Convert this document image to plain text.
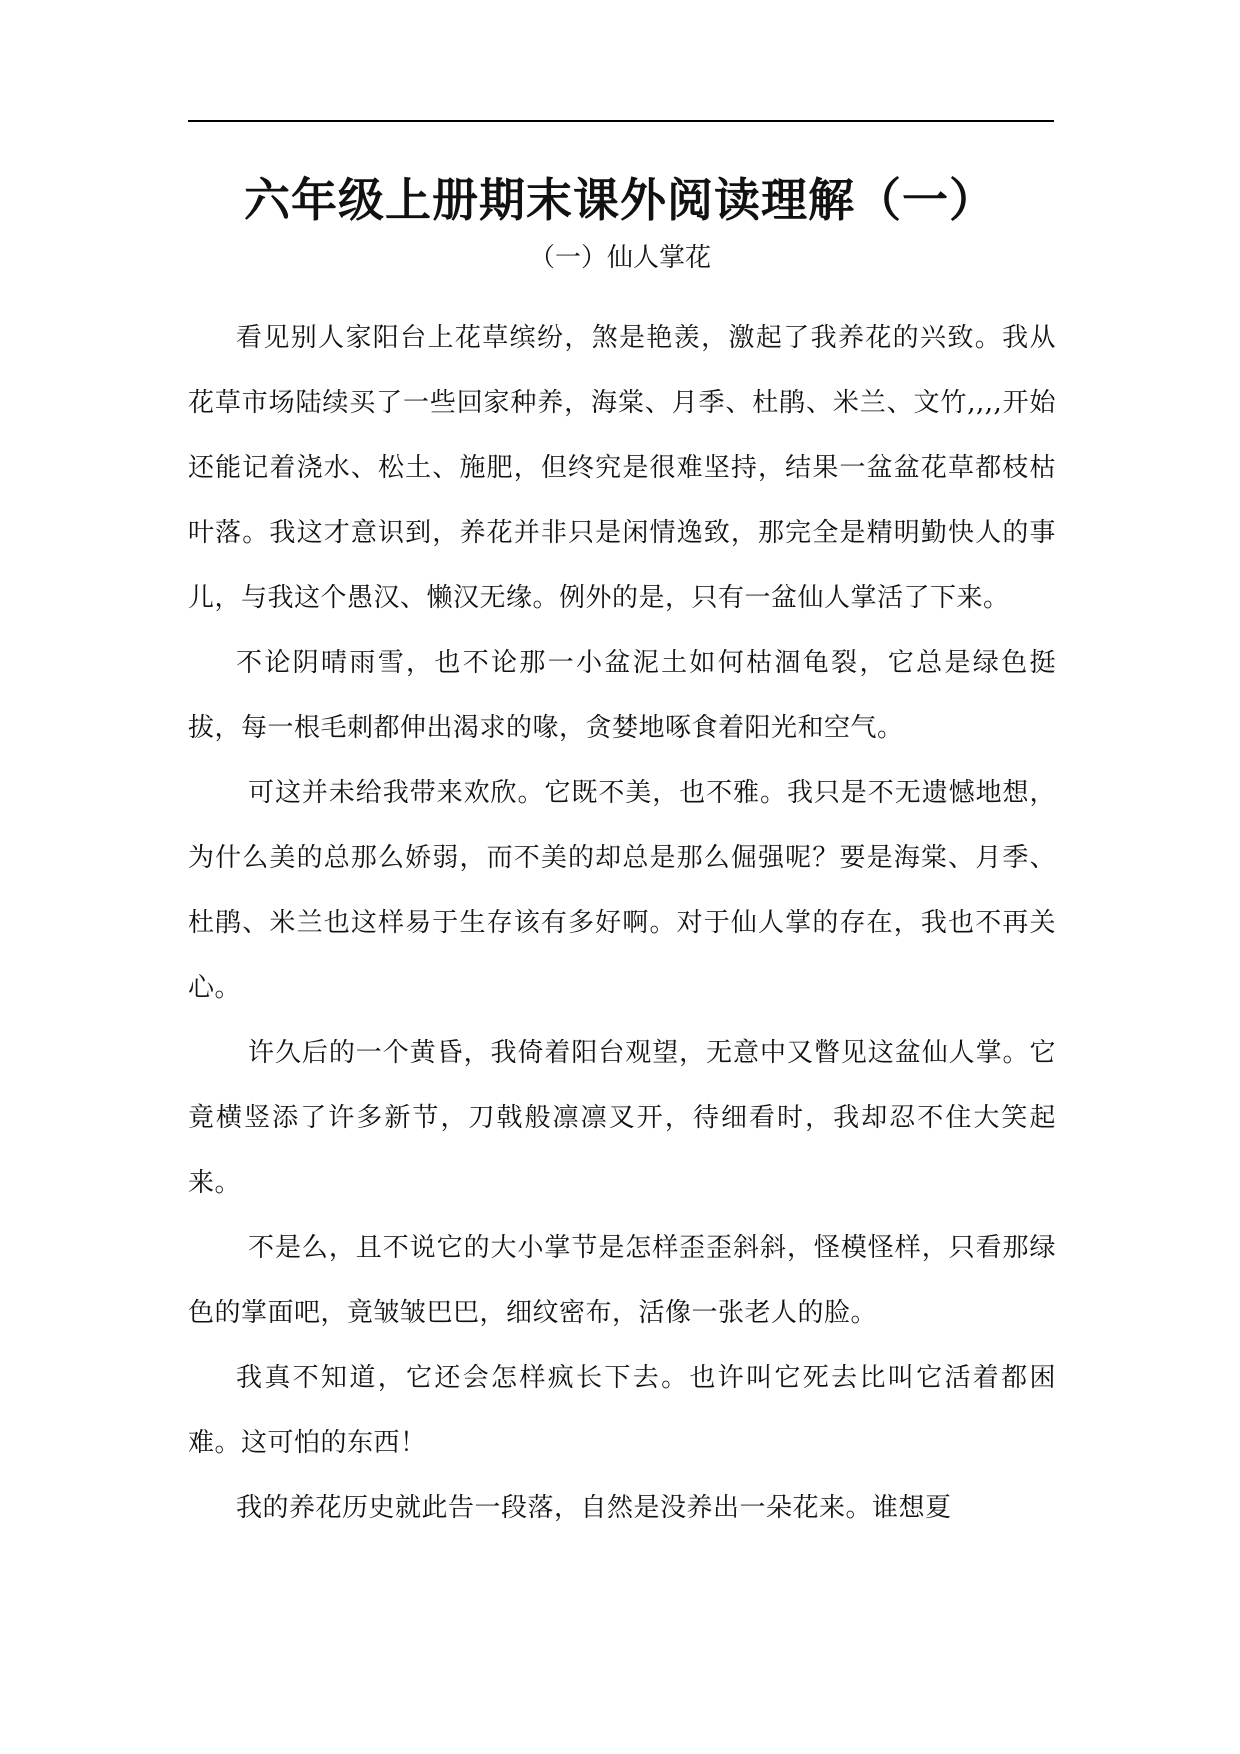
六年级上册期末课外阅读理解（一）
（一）仙人掌花

看见别人家阳台上花草缤纷，煞是艳羡，激起了我养花的兴致。我从花草市场陆续买了一些回家种养，海棠、月季、杜鹃、米兰、文竹,,,,开始还能记着浇水、松土、施肥，但终究是很难坚持，结果一盆盆花草都枝枯叶落。我这才意识到，养花并非只是闲情逸致，那完全是精明勤快人的事儿，与我这个愚汉、懒汉无缘。例外的是，只有一盆仙人掌活了下来。

不论阴晴雨雪，也不论那一小盆泥土如何枯涸龟裂，它总是绿色挺拔，每一根毛刺都伸出渴求的喙，贪婪地啄食着阳光和空气。

可这并未给我带来欢欣。它既不美，也不雅。我只是不无遗憾地想，为什么美的总那么娇弱，而不美的却总是那么倔强呢？要是海棠、月季、杜鹃、米兰也这样易于生存该有多好啊。对于仙人掌的存在，我也不再关心。

许久后的一个黄昏，我倚着阳台观望，无意中又瞥见这盆仙人掌。它竟横竖添了许多新节，刀戟般凛凛叉开，待细看时，我却忍不住大笑起来。

不是么，且不说它的大小掌节是怎样歪歪斜斜，怪模怪样，只看那绿色的掌面吧，竟皱皱巴巴，细纹密布，活像一张老人的脸。

我真不知道，它还会怎样疯长下去。也许叫它死去比叫它活着都困难。这可怕的东西！

我的养花历史就此告一段落，自然是没养出一朵花来。谁想夏
